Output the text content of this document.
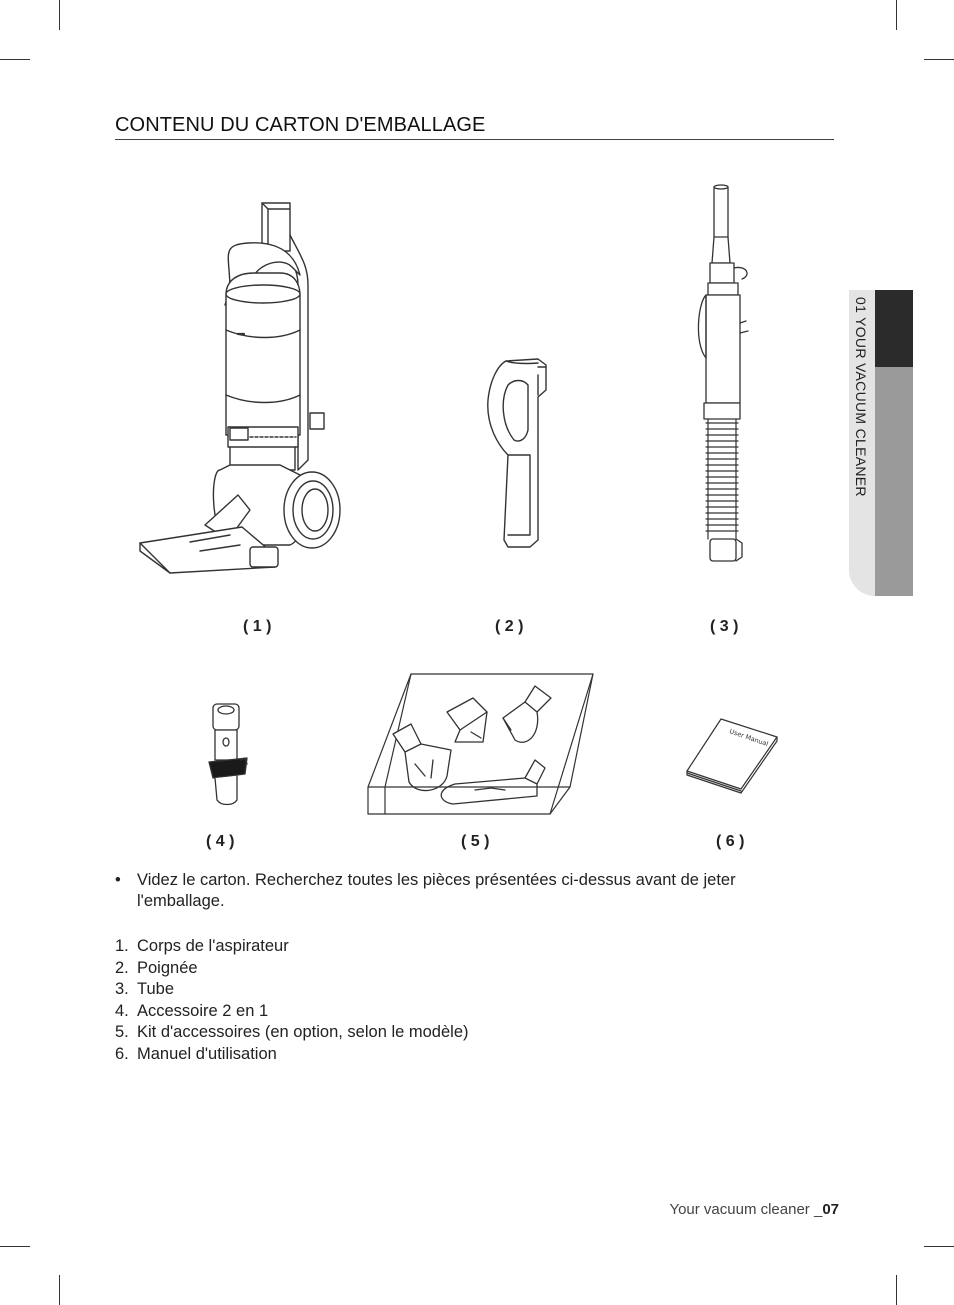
CONTENU DU CARTON D'EMBALLAGE
01 YOUR VACUUM CLEANER
User Manual
( 1 )	( 2 )	( 3 )
( 4 )	( 5 )	( 6 )
• Videz le carton. Recherchez toutes les pièces présentées ci-dessus avant de jeter l'emballage.
1. Corps de l'aspirateur
2. Poignée
3. Tube
4. Accessoire 2 en 1
5. Kit d'accessoires (en option, selon le modèle)
6. Manuel d'utilisation
Your vacuum cleaner _07
